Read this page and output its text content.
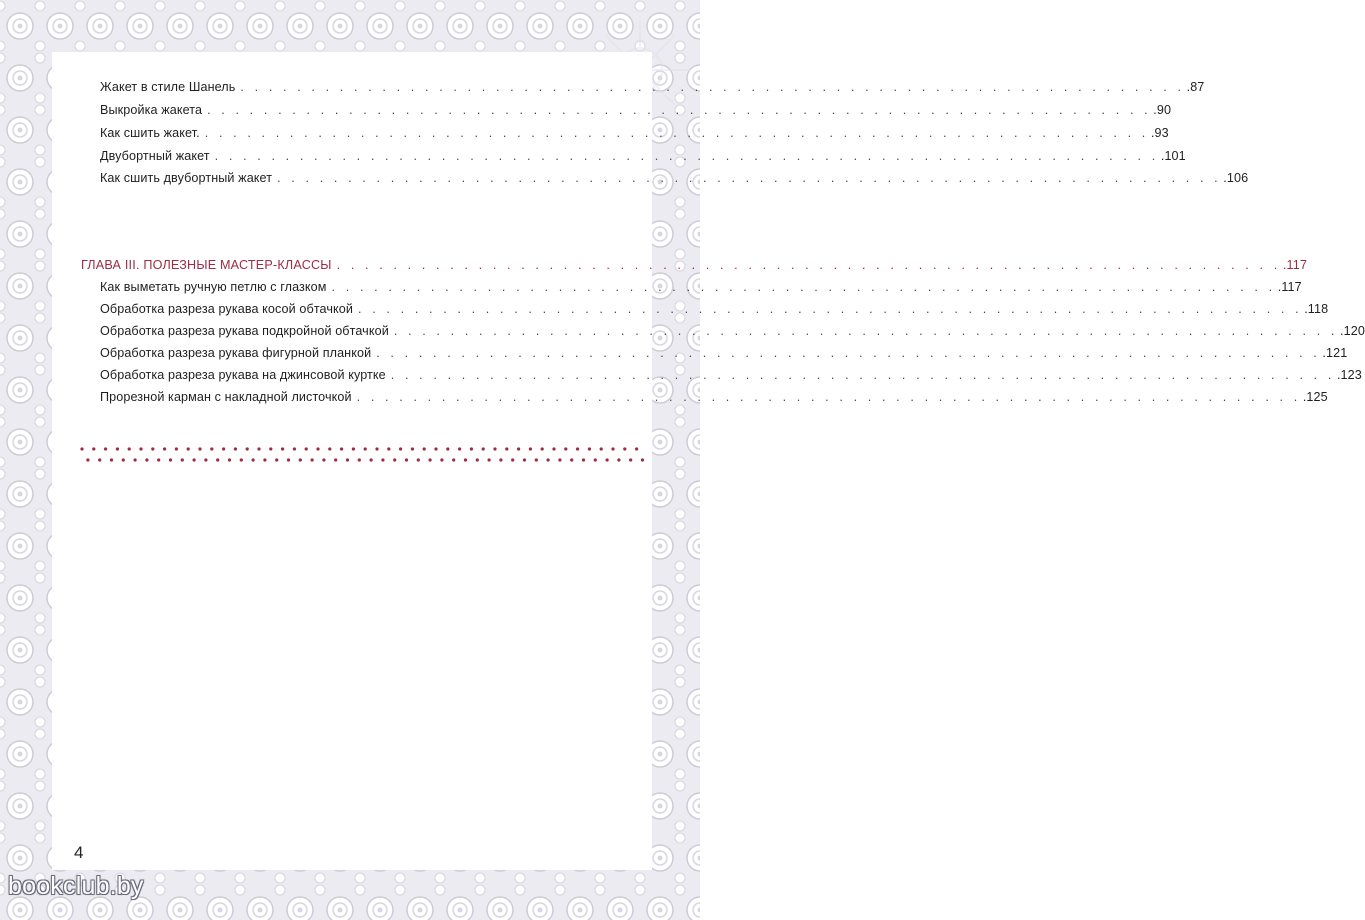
Жакет в стиле Шанель . . . . . . . . . . . . . . . . . . . . . . . . . . . . . . . . . . . . . . . . . . . . . . . . . . . . . . . . . . . . . . . . . . . .87
Выкройка жакета . . . . . . . . . . . . . . . . . . . . . . . . . . . . . . . . . . . . . . . . . . . . . . . . . . . . . . . . . . . . . . . . . . . .90
Как сшить жакет. . . . . . . . . . . . . . . . . . . . . . . . . . . . . . . . . . . . . . . . . . . . . . . . . . . . . . . . . . . . . . . . . . . . .93
Двубортный жакет . . . . . . . . . . . . . . . . . . . . . . . . . . . . . . . . . . . . . . . . . . . . . . . . . . . . . . . . . . . . . . . . . . . .101
Как сшить двубортный жакет . . . . . . . . . . . . . . . . . . . . . . . . . . . . . . . . . . . . . . . . . . . . . . . . . . . . . . . . . . . . . . . . . . . .106
ГЛАВА III. ПОЛЕЗНЫЕ МАСТЕР-КЛАССЫ . . . . . . . . . . . . . . . . . . . . . . . . . . . . . . . . . . . . . . . . . . . . . . . . . . . . . . . . . . . . . . . . . . . .117
Как выметать ручную петлю с глазком . . . . . . . . . . . . . . . . . . . . . . . . . . . . . . . . . . . . . . . . . . . . . . . . . . . . . . . . . . . . . . . . . . . .117
Обработка разреза рукава косой обтачкой . . . . . . . . . . . . . . . . . . . . . . . . . . . . . . . . . . . . . . . . . . . . . . . . . . . . . . . . . . . . . . . . . . . .118
Обработка разреза рукава подкройной обтачкой . . . . . . . . . . . . . . . . . . . . . . . . . . . . . . . . . . . . . . . . . . . . . . . . . . . . . . . . . . . . . . . . . . . .120
Обработка разреза рукава фигурной планкой . . . . . . . . . . . . . . . . . . . . . . . . . . . . . . . . . . . . . . . . . . . . . . . . . . . . . . . . . . . . . . . . . . . .121
Обработка разреза рукава на джинсовой куртке . . . . . . . . . . . . . . . . . . . . . . . . . . . . . . . . . . . . . . . . . . . . . . . . . . . . . . . . . . . . . . . . . . . .123
Прорезной карман с накладной листочкой . . . . . . . . . . . . . . . . . . . . . . . . . . . . . . . . . . . . . . . . . . . . . . . . . . . . . . . . . . . . . . . . . . . .125
4
bookclub.by
